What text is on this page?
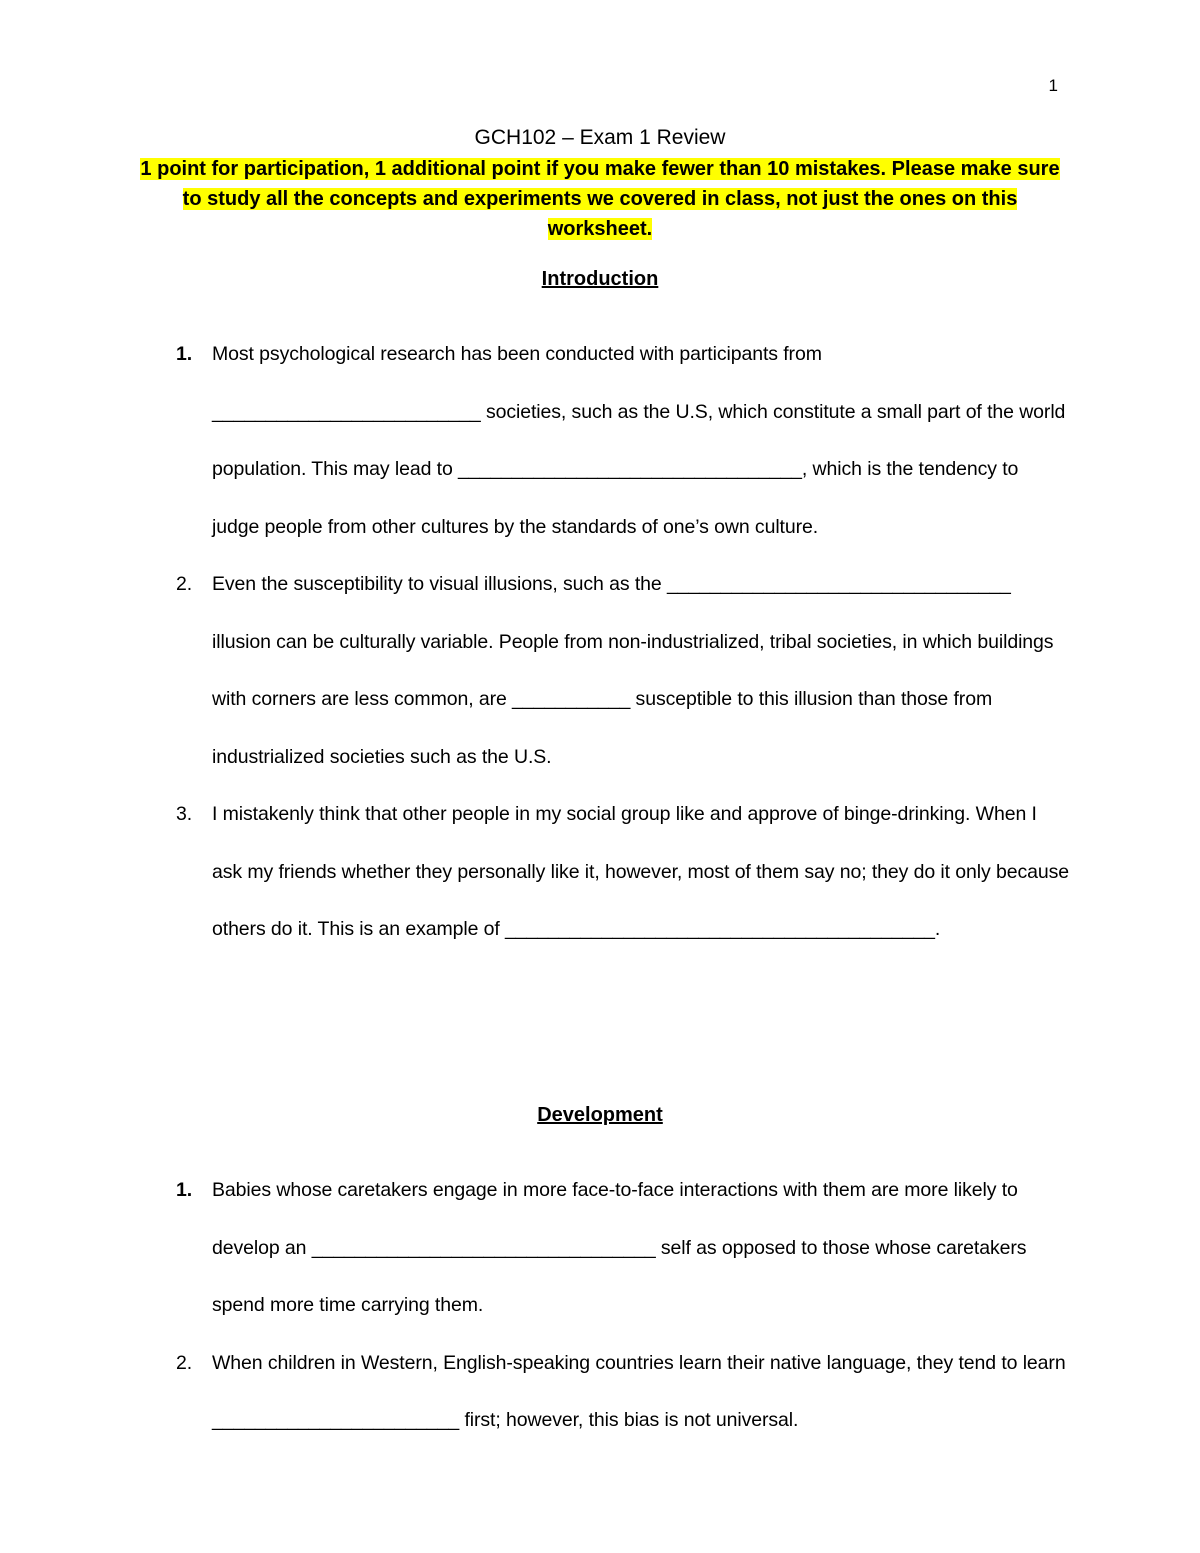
1
GCH102 – Exam 1 Review

1 point for participation, 1 additional point if you make fewer than 10 mistakes. Please make sure to study all the concepts and experiments we covered in class, not just the ones on this worksheet.

Introduction
1. Most psychological research has been conducted with participants from _________________________ societies, such as the U.S, which constitute a small part of the world population. This may lead to ________________________________, which is the tendency to judge people from other cultures by the standards of one’s own culture.
2. Even the susceptibility to visual illusions, such as the ________________________________ illusion can be culturally variable. People from non-industrialized, tribal societies, in which buildings with corners are less common, are ___________ susceptible to this illusion than those from industrialized societies such as the U.S.
3. I mistakenly think that other people in my social group like and approve of binge-drinking. When I ask my friends whether they personally like it, however, most of them say no; they do it only because others do it. This is an example of ________________________________________.
Development
1. Babies whose caretakers engage in more face-to-face interactions with them are more likely to develop an ________________________________ self as opposed to those whose caretakers spend more time carrying them.
2. When children in Western, English-speaking countries learn their native language, they tend to learn _______________________ first; however, this bias is not universal.
